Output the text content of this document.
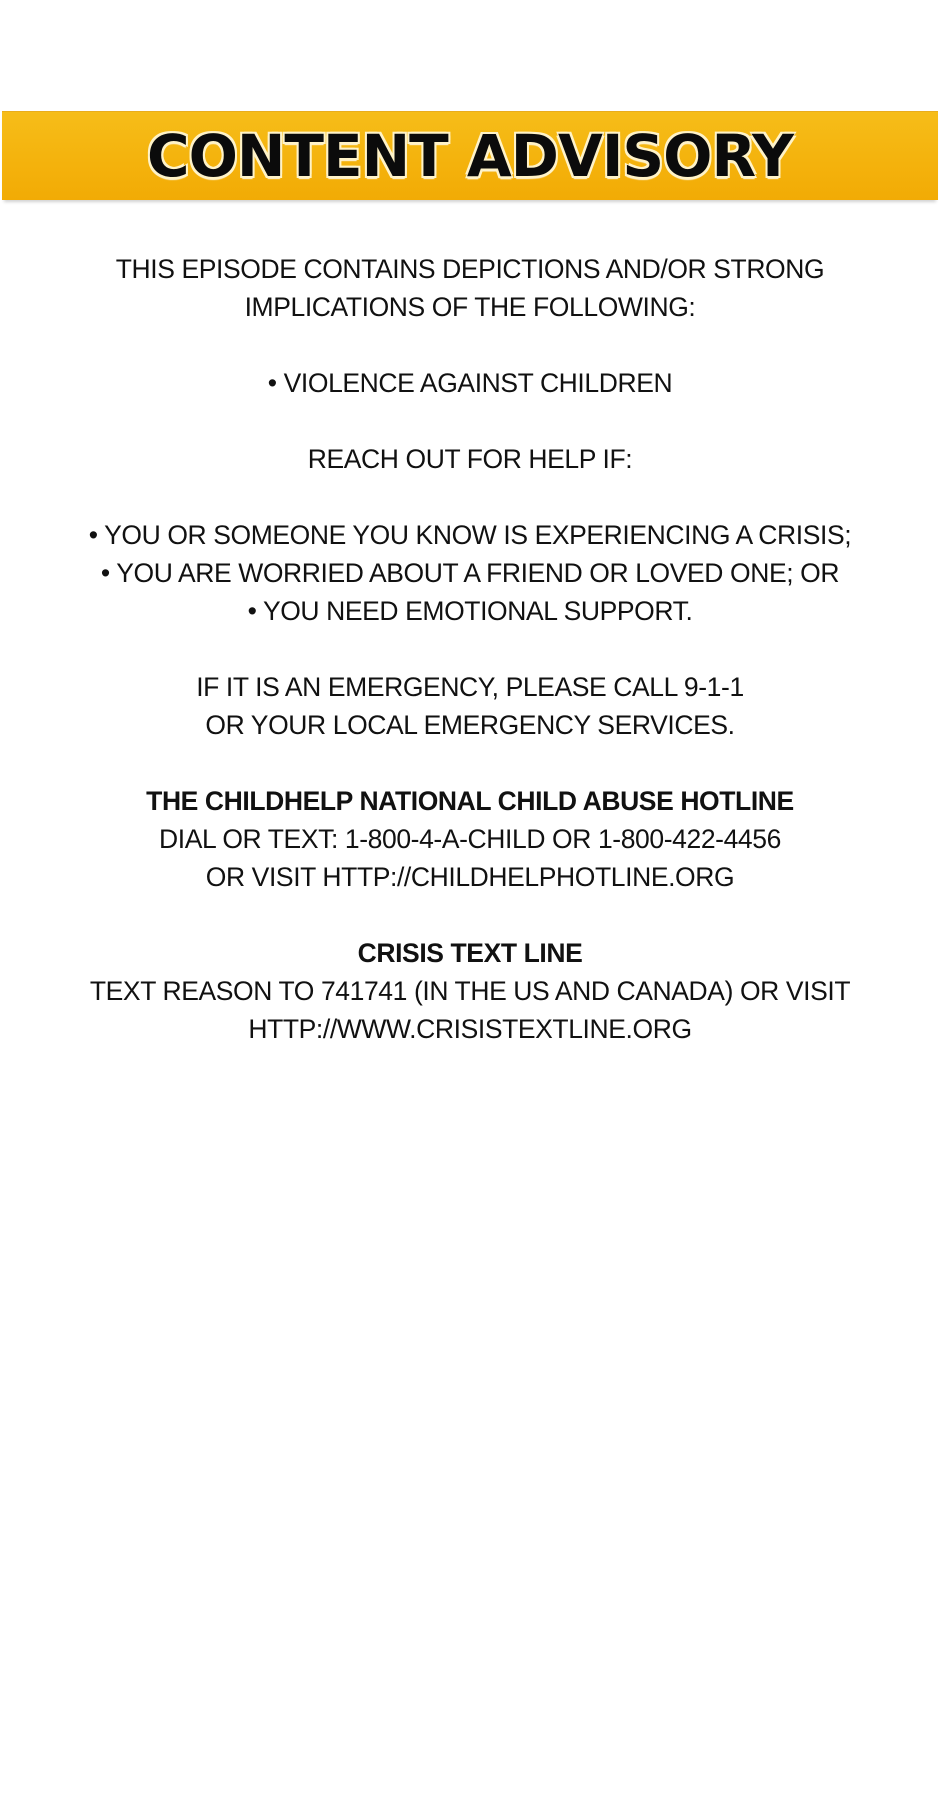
CONTENT ADVISORY

THIS EPISODE CONTAINS DEPICTIONS AND/OR STRONG
IMPLICATIONS OF THE FOLLOWING:

• VIOLENCE AGAINST CHILDREN

REACH OUT FOR HELP IF:

• YOU OR SOMEONE YOU KNOW IS EXPERIENCING A CRISIS;
• YOU ARE WORRIED ABOUT A FRIEND OR LOVED ONE; OR
• YOU NEED EMOTIONAL SUPPORT.

IF IT IS AN EMERGENCY, PLEASE CALL 9-1-1
OR YOUR LOCAL EMERGENCY SERVICES.

THE CHILDHELP NATIONAL CHILD ABUSE HOTLINE
DIAL OR TEXT: 1-800-4-A-CHILD OR 1-800-422-4456
OR VISIT HTTP://CHILDHELPHOTLINE.ORG

CRISIS TEXT LINE
TEXT REASON TO 741741 (IN THE US AND CANADA) OR VISIT
HTTP://WWW.CRISISTEXTLINE.ORG
